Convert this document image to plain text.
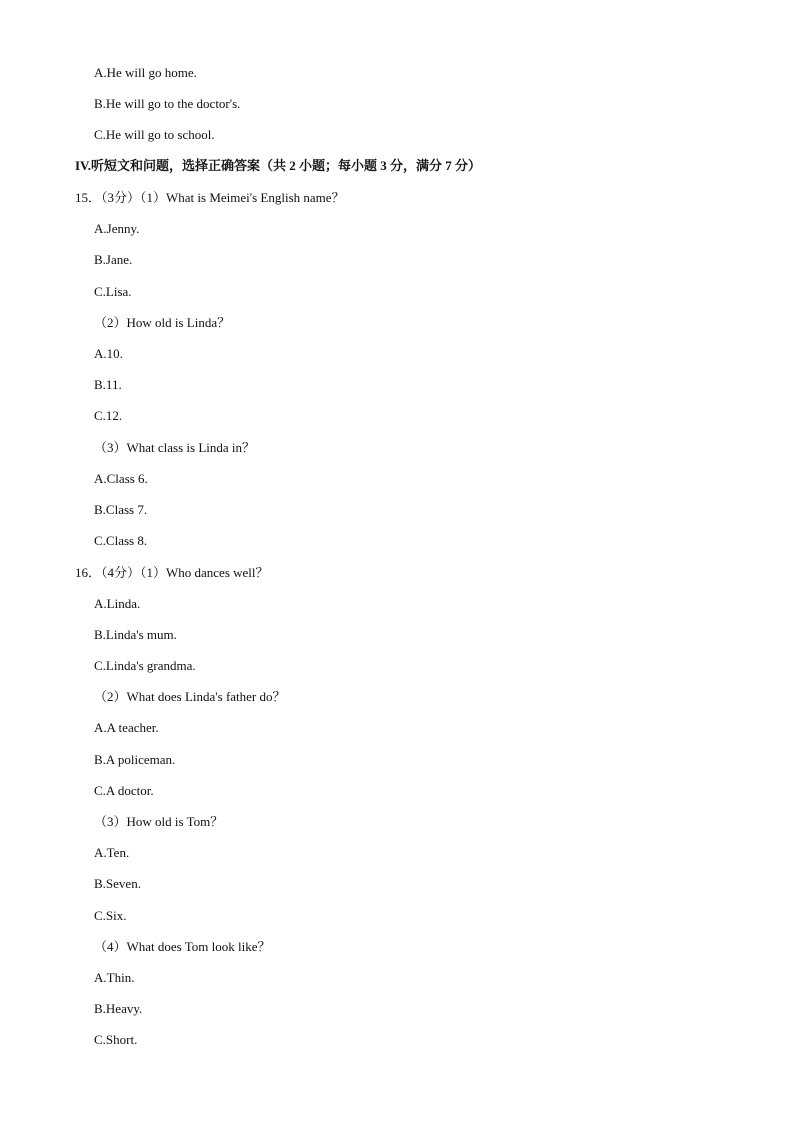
A.He will go home.
B.He will go to the doctor's.
C.He will go to school.
IV.听短文和问题，选择正确答案（共 2 小题；每小题 3 分，满分 7 分）
15．（3分）（1）What is Meimei's English name？
A.Jenny.
B.Jane.
C.Lisa.
（2）How old is Linda？
A.10.
B.11.
C.12.
（3）What class is Linda in？
A.Class 6.
B.Class 7.
C.Class 8.
16．（4分）（1）Who dances well？
A.Linda.
B.Linda's mum.
C.Linda's grandma.
（2）What does Linda's father do？
A.A teacher.
B.A policeman.
C.A doctor.
（3）How old is Tom？
A.Ten.
B.Seven.
C.Six.
（4）What does Tom look like？
A.Thin.
B.Heavy.
C.Short.
